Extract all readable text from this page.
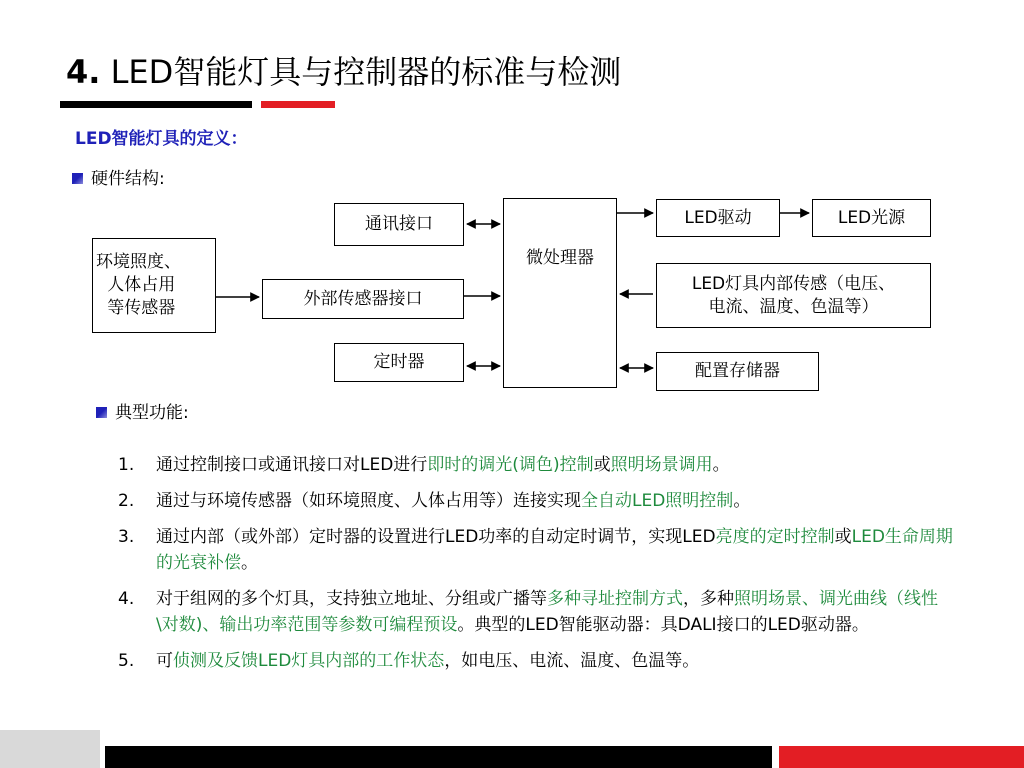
4. LED智能灯具与控制器的标准与检测
LED智能灯具的定义：
硬件结构:
环境照度、
人体占用
等传感器
通讯接口
外部传感器接口
定时器
微处理器
LED驱动	LED光源
LED灯具内部传感（电压、
电流、温度、色温等）
配置存储器
典型功能:
1. 通过控制接口或通讯接口对LED进行即时的调光(调色)控制或照明场景调用。
2. 通过与环境传感器（如环境照度、人体占用等）连接实现全自动LED照明控制。
3. 通过内部（或外部）定时器的设置进行LED功率的自动定时调节，实现LED亮度的定时控制或LED生命周期的光衰补偿。
4. 对于组网的多个灯具，支持独立地址、分组或广播等多种寻址控制方式，多种照明场景、调光曲线（线性\对数)、输出功率范围等参数可编程预设。典型的LED智能驱动器：具DALI接口的LED驱动器。
5. 可侦测及反馈LED灯具内部的工作状态，如电压、电流、温度、色温等。
